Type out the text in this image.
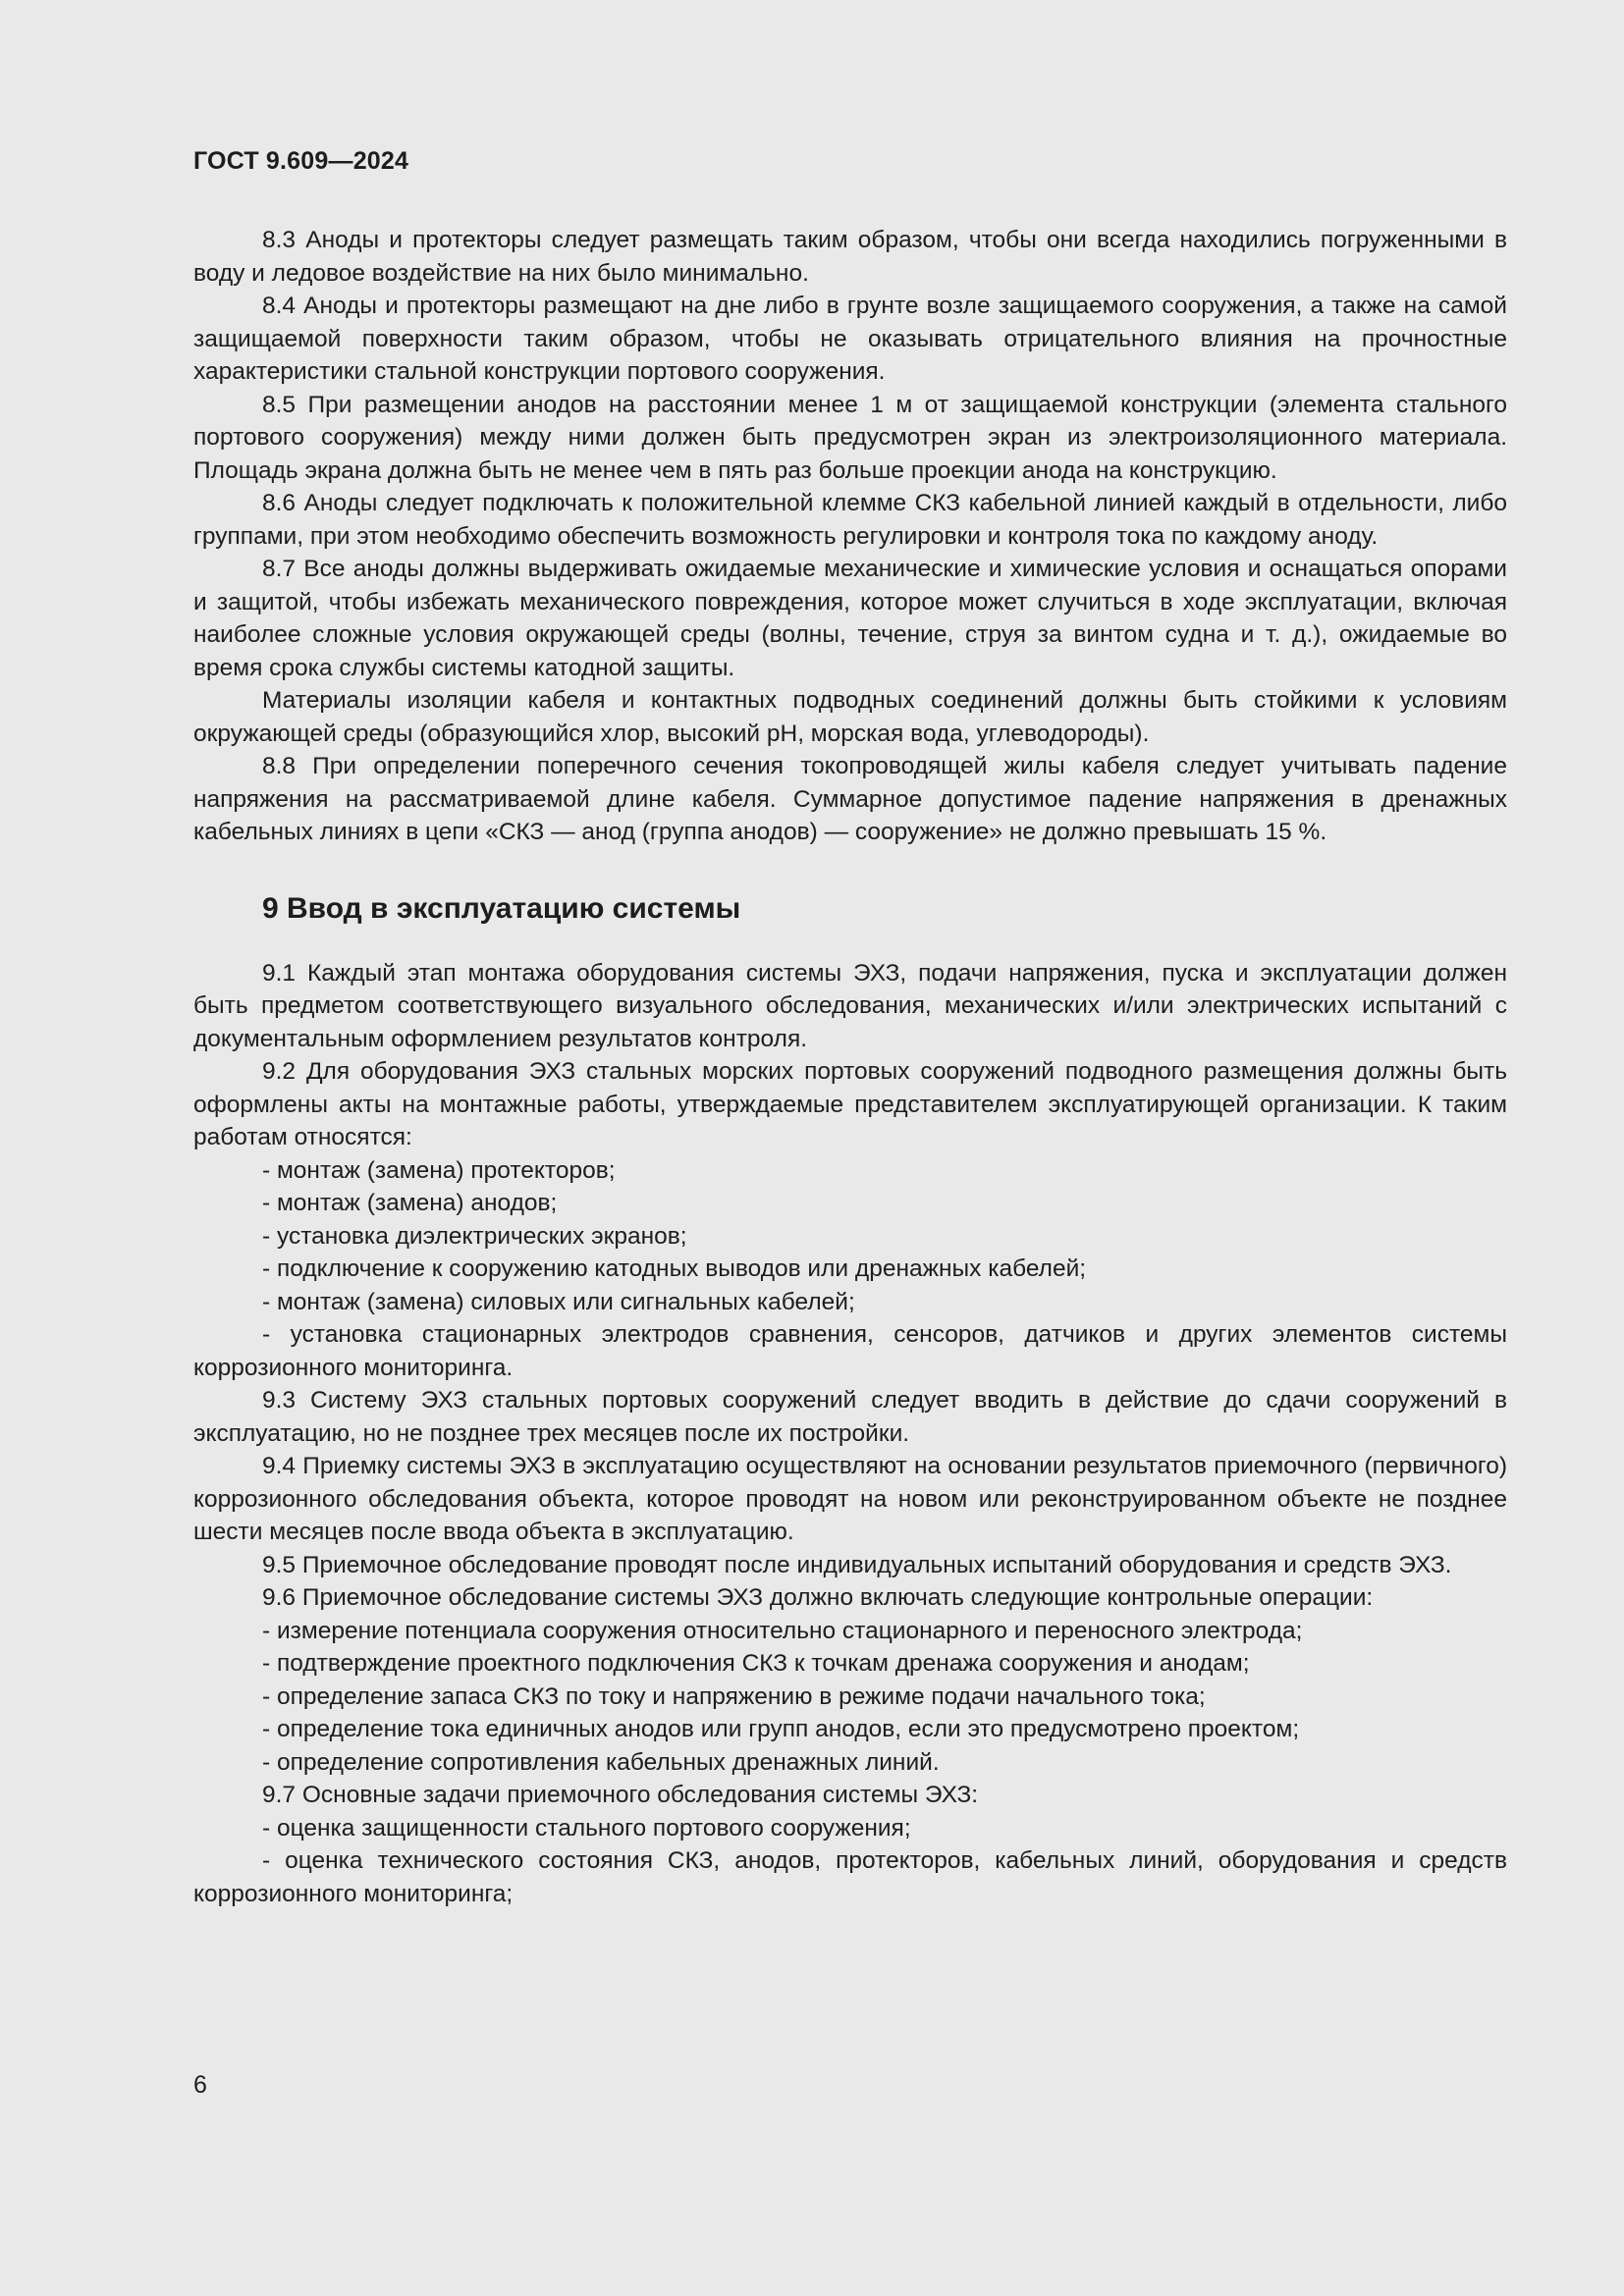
ГОСТ 9.609—2024
8.3 Аноды и протекторы следует размещать таким образом, чтобы они всегда находились погруженными в воду и ледовое воздействие на них было минимально.
8.4 Аноды и протекторы размещают на дне либо в грунте возле защищаемого сооружения, а также на самой защищаемой поверхности таким образом, чтобы не оказывать отрицательного влияния на прочностные характеристики стальной конструкции портового сооружения.
8.5 При размещении анодов на расстоянии менее 1 м от защищаемой конструкции (элемента стального портового сооружения) между ними должен быть предусмотрен экран из электроизоляционного материала. Площадь экрана должна быть не менее чем в пять раз больше проекции анода на конструкцию.
8.6 Аноды следует подключать к положительной клемме СКЗ кабельной линией каждый в отдельности, либо группами, при этом необходимо обеспечить возможность регулировки и контроля тока по каждому аноду.
8.7 Все аноды должны выдерживать ожидаемые механические и химические условия и оснащаться опорами и защитой, чтобы избежать механического повреждения, которое может случиться в ходе эксплуатации, включая наиболее сложные условия окружающей среды (волны, течение, струя за винтом судна и т. д.), ожидаемые во время срока службы системы катодной защиты.
Материалы изоляции кабеля и контактных подводных соединений должны быть стойкими к условиям окружающей среды (образующийся хлор, высокий pH, морская вода, углеводороды).
8.8 При определении поперечного сечения токопроводящей жилы кабеля следует учитывать падение напряжения на рассматриваемой длине кабеля. Суммарное допустимое падение напряжения в дренажных кабельных линиях в цепи «СКЗ — анод (группа анодов) — сооружение» не должно превышать 15 %.
9 Ввод в эксплуатацию системы
9.1 Каждый этап монтажа оборудования системы ЭХЗ, подачи напряжения, пуска и эксплуатации должен быть предметом соответствующего визуального обследования, механических и/или электрических испытаний с документальным оформлением результатов контроля.
9.2 Для оборудования ЭХЗ стальных морских портовых сооружений подводного размещения должны быть оформлены акты на монтажные работы, утверждаемые представителем эксплуатирующей организации. К таким работам относятся:
- монтаж (замена) протекторов;
- монтаж (замена) анодов;
- установка диэлектрических экранов;
- подключение к сооружению катодных выводов или дренажных кабелей;
- монтаж (замена) силовых или сигнальных кабелей;
- установка стационарных электродов сравнения, сенсоров, датчиков и других элементов системы коррозионного мониторинга.
9.3 Систему ЭХЗ стальных портовых сооружений следует вводить в действие до сдачи сооружений в эксплуатацию, но не позднее трех месяцев после их постройки.
9.4 Приемку системы ЭХЗ в эксплуатацию осуществляют на основании результатов приемочного (первичного) коррозионного обследования объекта, которое проводят на новом или реконструированном объекте не позднее шести месяцев после ввода объекта в эксплуатацию.
9.5 Приемочное обследование проводят после индивидуальных испытаний оборудования и средств ЭХЗ.
9.6 Приемочное обследование системы ЭХЗ должно включать следующие контрольные операции:
- измерение потенциала сооружения относительно стационарного и переносного электрода;
- подтверждение проектного подключения СКЗ к точкам дренажа сооружения и анодам;
- определение запаса СКЗ по току и напряжению в режиме подачи начального тока;
- определение тока единичных анодов или групп анодов, если это предусмотрено проектом;
- определение сопротивления кабельных дренажных линий.
9.7 Основные задачи приемочного обследования системы ЭХЗ:
- оценка защищенности стального портового сооружения;
- оценка технического состояния СКЗ, анодов, протекторов, кабельных линий, оборудования и средств коррозионного мониторинга;
6
